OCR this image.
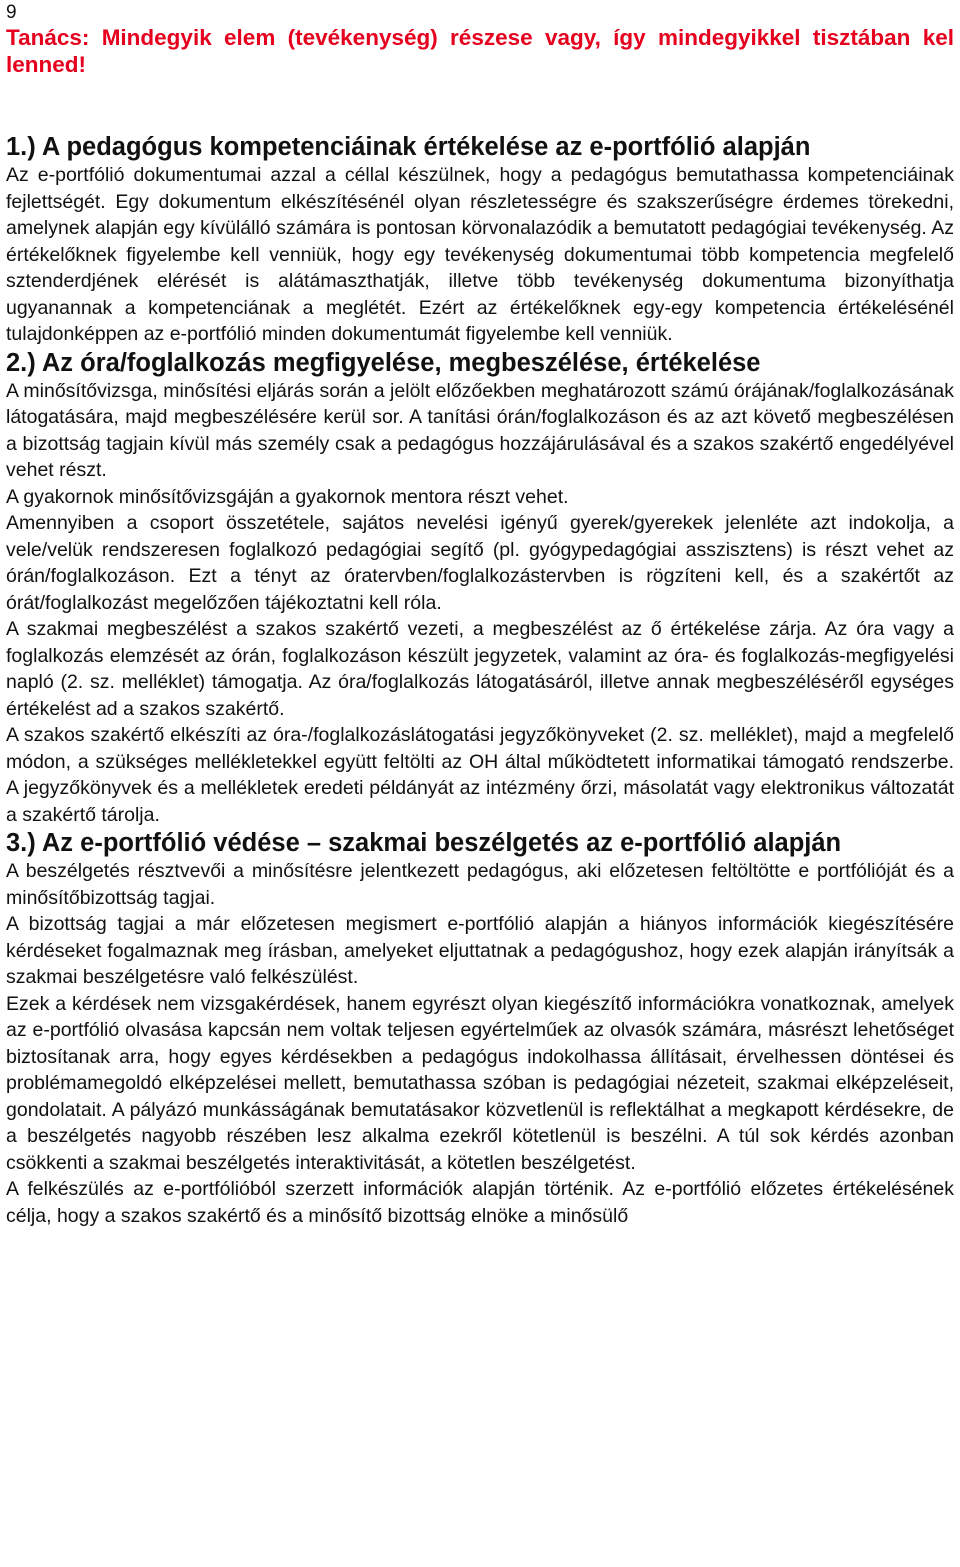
9

Tanács: Mindegyik elem (tevékenység) részese vagy, így mindegyikkel tisztában kel lenned!

1.) A pedagógus kompetenciáinak értékelése az e-portfólió alapján

Az e-portfólió dokumentumai azzal a céllal készülnek, hogy a pedagógus bemutathassa kompetenciáinak fejlettségét. Egy dokumentum elkészítésénél olyan részletességre és szakszerűségre érdemes törekedni, amelynek alapján egy kívülálló számára is pontosan körvonalazódik a bemutatott pedagógiai tevékenység. Az értékelőknek figyelembe kell venniük, hogy egy tevékenység dokumentumai több kompetencia megfelelő sztenderdjének elérését is alátámaszthatják, illetve több tevékenység dokumentuma bizonyíthatja ugyanannak a kompetenciának a meglétét. Ezért az értékelőknek egy-egy kompetencia értékelésénél tulajdonképpen az e-portfólió minden dokumentumát figyelembe kell venniük.

2.) Az óra/foglalkozás megfigyelése, megbeszélése, értékelése

A minősítővizsga, minősítési eljárás során a jelölt előzőekben meghatározott számú órájának/foglalkozásának látogatására, majd megbeszélésére kerül sor. A tanítási órán/foglalkozáson és az azt követő megbeszélésen a bizottság tagjain kívül más személy csak a pedagógus hozzájárulásával és a szakos szakértő engedélyével vehet részt.

A gyakornok minősítővizsgáján a gyakornok mentora részt vehet.

Amennyiben a csoport összetétele, sajátos nevelési igényű gyerek/gyerekek jelenléte azt indokolja, a vele/velük rendszeresen foglalkozó pedagógiai segítő (pl. gyógypedagógiai asszisztens) is részt vehet az órán/foglalkozáson. Ezt a tényt az óratervben/foglalkozástervben is rögzíteni kell, és a szakértőt az órát/foglalkozást megelőzően tájékoztatni kell róla.

A szakmai megbeszélést a szakos szakértő vezeti, a megbeszélést az ő értékelése zárja. Az óra vagy a foglalkozás elemzését az órán, foglalkozáson készült jegyzetek, valamint az óra- és foglalkozás-megfigyelési napló (2. sz. melléklet) támogatja. Az óra/foglalkozás látogatásáról, illetve annak megbeszéléséről egységes értékelést ad a szakos szakértő.

A szakos szakértő elkészíti az óra-/foglalkozáslátogatási jegyzőkönyveket (2. sz. melléklet), majd a megfelelő módon, a szükséges mellékletekkel együtt feltölti az OH által működtetett informatikai támogató rendszerbe. A jegyzőkönyvek és a mellékletek eredeti példányát az intézmény őrzi, másolatát vagy elektronikus változatát a szakértő tárolja.

3.) Az e-portfólió védése – szakmai beszélgetés az e-portfólió alapján

A beszélgetés résztvevői a minősítésre jelentkezett pedagógus, aki előzetesen feltöltötte e portfólióját és a minősítőbizottság tagjai.

A bizottság tagjai a már előzetesen megismert e-portfólió alapján a hiányos információk kiegészítésére kérdéseket fogalmaznak meg írásban, amelyeket eljuttatnak a pedagógushoz, hogy ezek alapján irányítsák a szakmai beszélgetésre való felkészülést.

Ezek a kérdések nem vizsgakérdések, hanem egyrészt olyan kiegészítő információkra vonatkoznak, amelyek az e-portfólió olvasása kapcsán nem voltak teljesen egyértelműek az olvasók számára, másrészt lehetőséget biztosítanak arra, hogy egyes kérdésekben a pedagógus indokolhassa állításait, érvelhessen döntései és problémamegoldó elképzelései mellett, bemutathassa szóban is pedagógiai nézeteit, szakmai elképzeléseit, gondolatait. A pályázó munkásságának bemutatásakor közvetlenül is reflektálhat a megkapott kérdésekre, de a beszélgetés nagyobb részében lesz alkalma ezekről kötetlenül is beszélni. A túl sok kérdés azonban csökkenti a szakmai beszélgetés interaktivitását, a kötetlen beszélgetést.

A felkészülés az e-portfólióból szerzett információk alapján történik. Az e-portfólió előzetes értékelésének célja, hogy a szakos szakértő és a minősítő bizottság elnöke a minősülő
